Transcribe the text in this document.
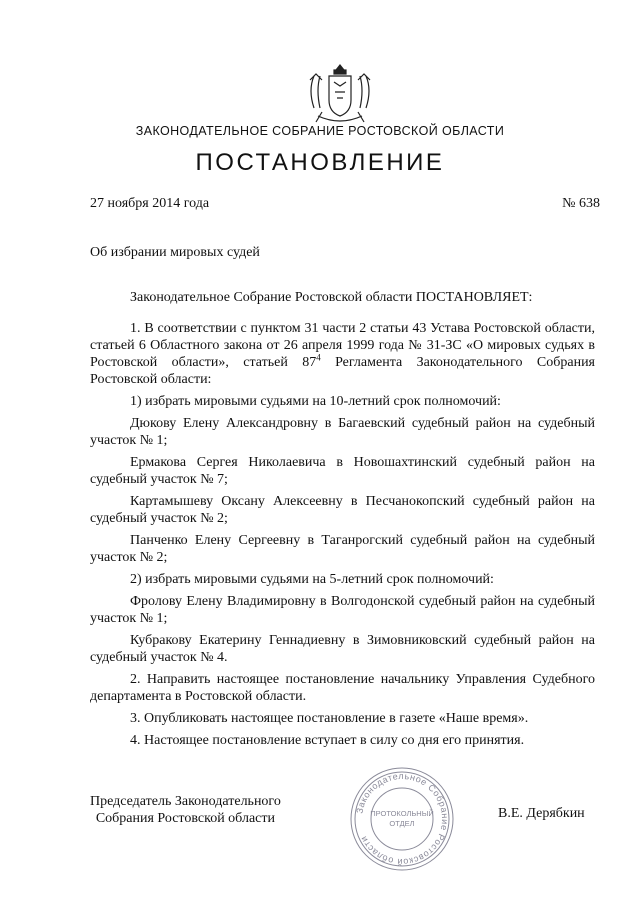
ЗАКОНОДАТЕЛЬНОЕ СОБРАНИЕ РОСТОВСКОЙ ОБЛАСТИ
ПОСТАНОВЛЕНИЕ
27 ноября 2014 года	№ 638
Об избрании мировых судей

Законодательное Собрание Ростовской области ПОСТАНОВЛЯЕТ:

1. В соответствии с пунктом 31 части 2 статьи 43 Устава Ростовской области, статьей 6 Областного закона от 26 апреля 1999 года № 31-ЗС «О мировых судьях в Ростовской области», статьей $87^4$ Регламента Законодательного Собрания Ростовской области:

1) избрать мировыми судьями на 10-летний срок полномочий:

Дюкову Елену Александровну в Багаевский судебный район на судебный участок № 1;

Ермакова Сергея Николаевича в Новошахтинский судебный район на судебный участок № 7;

Картамышеву Оксану Алексеевну в Песчанокопский судебный район на судебный участок № 2;

Панченко Елену Сергеевну в Таганрогский судебный район на судебный участок № 2;

2) избрать мировыми судьями на 5-летний срок полномочий:

Фролову Елену Владимировну в Волгодонской судебный район на судебный участок № 1;

Кубракову Екатерину Геннадиевну в Зимовниковский судебный район на судебный участок № 4.

2. Направить настоящее постановление начальнику Управления Судебного департамента в Ростовской области.

3. Опубликовать настоящее постановление в газете «Наше время».

4. Настоящее постановление вступает в силу со дня его принятия.

Председатель Законодательного
Собрания Ростовской области
Законодательное Собрание Ростовской области
ПРОТОКОЛЬНЫЙ
ОТДЕЛ
В.Е. Дерябкин
